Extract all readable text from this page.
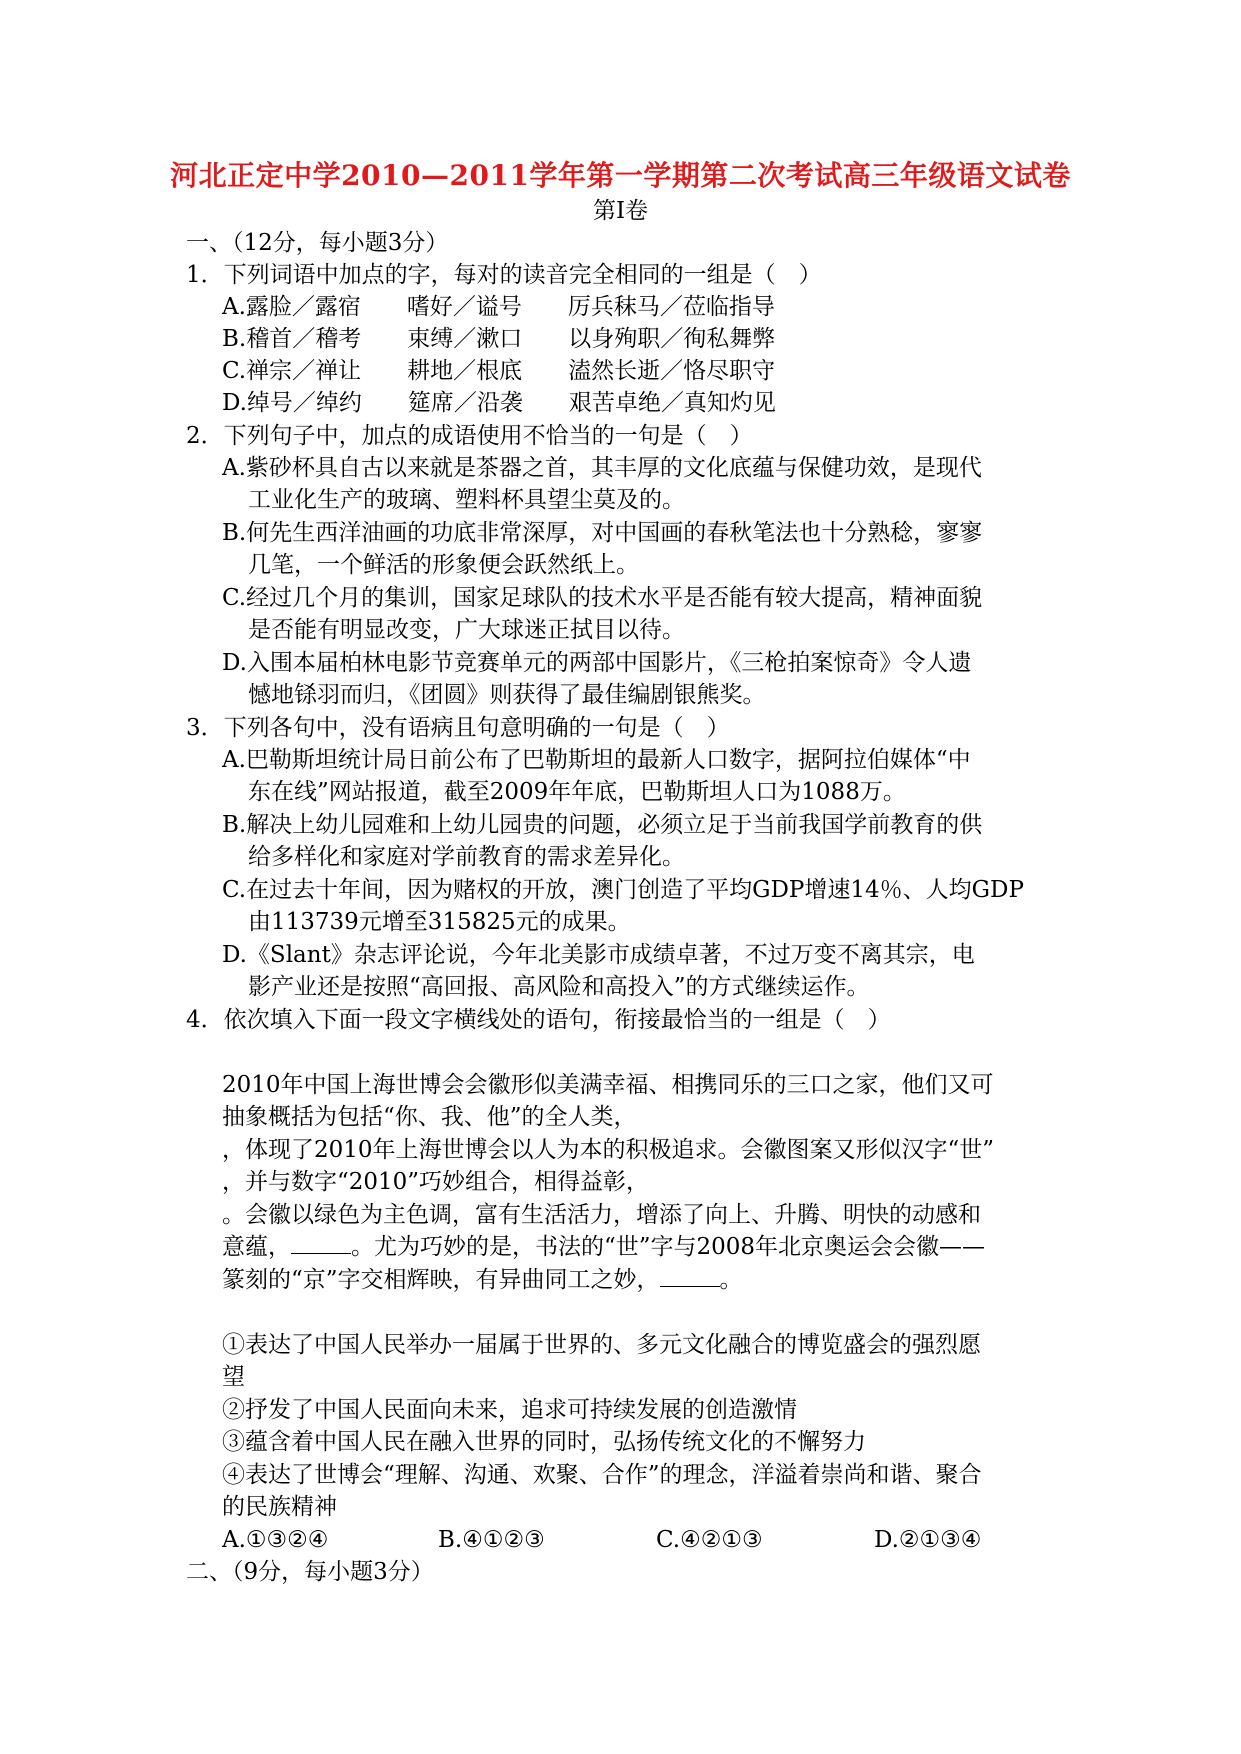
河北正定中学2010—2011学年第一学期第二次考试高三年级语文试卷
第Ⅰ卷
一、（12分，每小题3分）
1．下列词语中加点的字，每对的读音完全相同的一组是（　）
A.露脸／露宿　　嗜好／谥号　　厉兵秣马／莅临指导
B.稽首／稽考　　束缚／漱口　　以身殉职／徇私舞弊
C.禅宗／禅让　　耕地／根底　　溘然长逝／恪尽职守
D.绰号／绰约　　筵席／沿袭　　艰苦卓绝／真知灼见
2．下列句子中，加点的成语使用不恰当的一句是（　）
A.紫砂杯具自古以来就是茶器之首，其丰厚的文化底蕴与保健功效，是现代
工业化生产的玻璃、塑料杯具望尘莫及的。
B.何先生西洋油画的功底非常深厚，对中国画的春秋笔法也十分熟稔，寥寥
几笔，一个鲜活的形象便会跃然纸上。
C.经过几个月的集训，国家足球队的技术水平是否能有较大提高，精神面貌
是否能有明显改变，广大球迷正拭目以待。
D.入围本届柏林电影节竞赛单元的两部中国影片，《三枪拍案惊奇》令人遗
憾地铩羽而归，《团圆》则获得了最佳编剧银熊奖。
3．下列各句中，没有语病且句意明确的一句是（　）
A.巴勒斯坦统计局日前公布了巴勒斯坦的最新人口数字，据阿拉伯媒体“中
东在线”网站报道，截至2009年年底，巴勒斯坦人口为1088万。
B.解决上幼儿园难和上幼儿园贵的问题，必须立足于当前我国学前教育的供
给多样化和家庭对学前教育的需求差异化。
C.在过去十年间，因为赌权的开放，澳门创造了平均GDP增速14％、人均GDP
由113739元增至315825元的成果。
D.《Slant》杂志评论说，今年北美影市成绩卓著，不过万变不离其宗，电
影产业还是按照“高回报、高风险和高投入”的方式继续运作。
4．依次填入下面一段文字横线处的语句，衔接最恰当的一组是（　）
2010年中国上海世博会会徽形似美满幸福、相携同乐的三口之家，他们又可
抽象概括为包括“你、我、他”的全人类，
，体现了2010年上海世博会以人为本的积极追求。会徽图案又形似汉字“世”
，并与数字“2010”巧妙组合，相得益彰，
。会徽以绿色为主色调，富有生活活力，增添了向上、升腾、明快的动感和
意蕴，	。尤为巧妙的是，书法的“世”字与2008年北京奥运会会徽——
篆刻的“京”字交相辉映，有异曲同工之妙，	。
①表达了中国人民举办一届属于世界的、多元文化融合的博览盛会的强烈愿
望
②抒发了中国人民面向未来，追求可持续发展的创造激情
③蕴含着中国人民在融入世界的同时，弘扬传统文化的不懈努力
④表达了世博会“理解、沟通、欢聚、合作”的理念，洋溢着崇尚和谐、聚合
的民族精神
A.①③②④	B.④①②③	C.④②①③	D.②①③④
二、（9分，每小题3分）
